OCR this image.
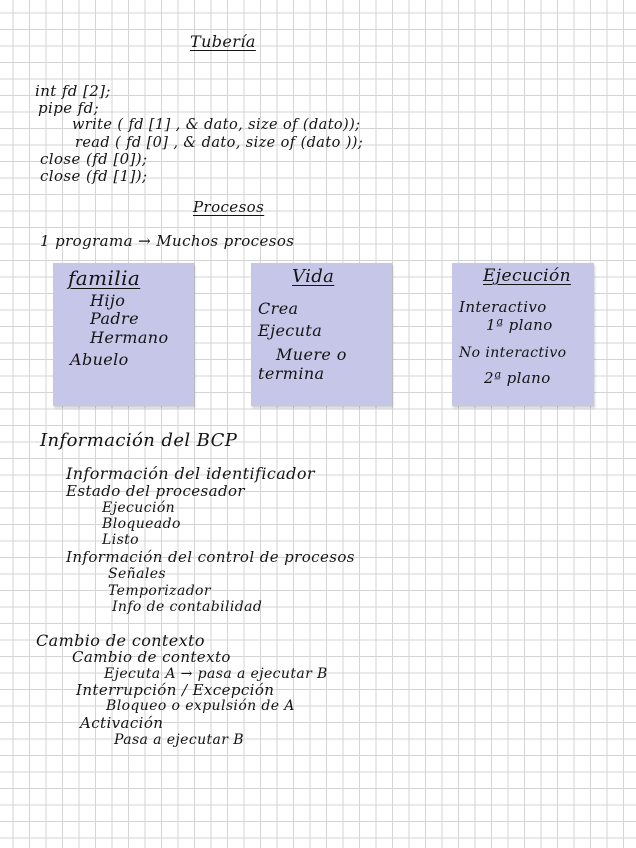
Tubería
int fd [2];
pipe fd;
write ( fd [1] , & dato, size of (dato));
read ( fd [0] , & dato, size of (dato ));
close (fd [0]);
close (fd [1]);
Procesos
1 programa → Muchos procesos
familia
Hijo
Padre
Hermano
Abuelo
Vida
Crea
Ejecuta
Muere o
termina
Ejecución
Interactivo
1ª plano
No interactivo
2ª plano
Información del BCP
Información del identificador
Estado del procesador
Ejecución
Bloqueado
Listo
Información del control de procesos
Señales
Temporizador
Info de contabilidad
Cambio de contexto
Cambio de contexto
Ejecuta A → pasa a ejecutar B
Interrupción / Excepción
Bloqueo o expulsión de A
Activación
Pasa a ejecutar B
